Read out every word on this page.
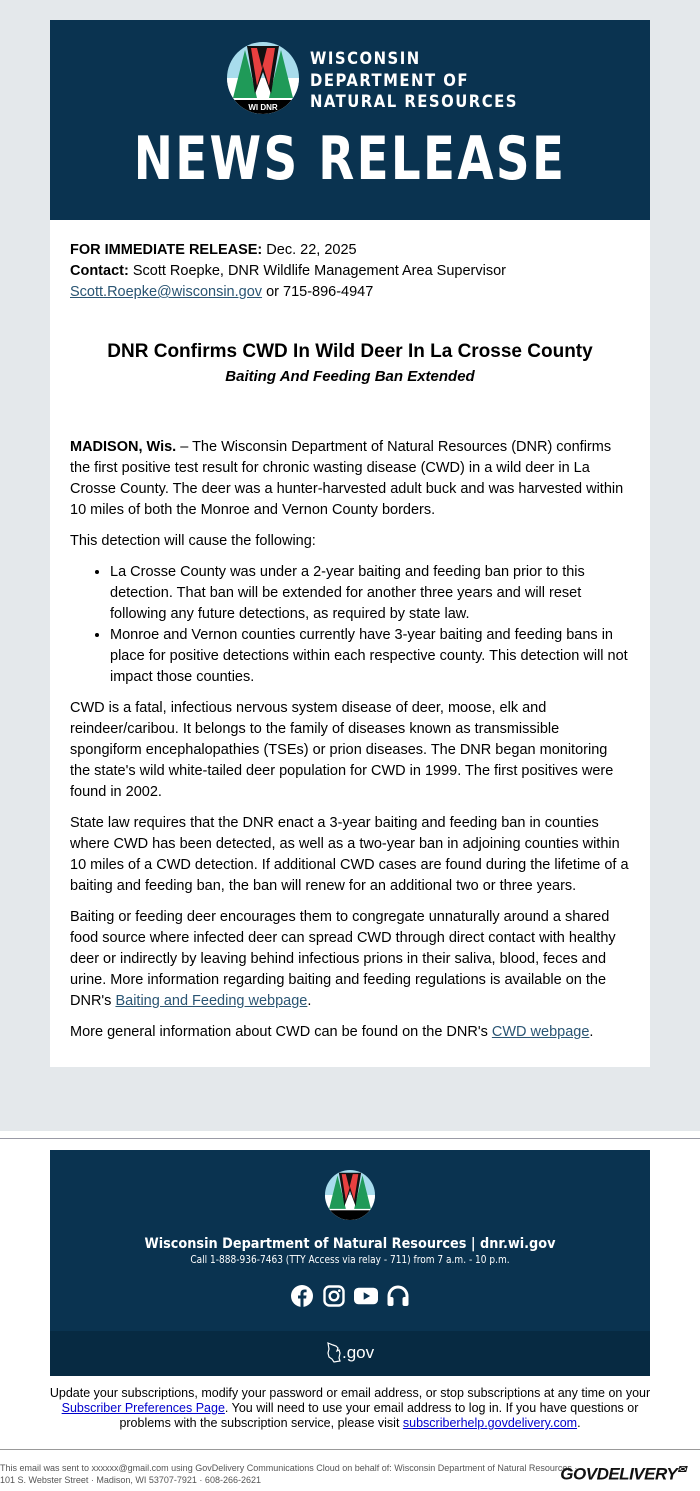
WI DNR
WISCONSIN
DEPARTMENT OF
NATURAL RESOURCES
NEWS RELEASE
FOR IMMEDIATE RELEASE: Dec. 22, 2025
Contact: Scott Roepke, DNR Wildlife Management Area Supervisor
Scott.Roepke@wisconsin.gov or 715-896-4947
DNR Confirms CWD In Wild Deer In La Crosse County
Baiting And Feeding Ban Extended

MADISON, Wis. – The Wisconsin Department of Natural Resources (DNR) confirms the first positive test result for chronic wasting disease (CWD) in a wild deer in La Crosse County. The deer was a hunter-harvested adult buck and was harvested within 10 miles of both the Monroe and Vernon County borders.

This detection will cause the following:

• La Crosse County was under a 2-year baiting and feeding ban prior to this detection. That ban will be extended for another three years and will reset following any future detections, as required by state law.
• Monroe and Vernon counties currently have 3-year baiting and feeding bans in place for positive detections within each respective county. This detection will not impact those counties.

CWD is a fatal, infectious nervous system disease of deer, moose, elk and reindeer/caribou. It belongs to the family of diseases known as transmissible spongiform encephalopathies (TSEs) or prion diseases. The DNR began monitoring the state's wild white-tailed deer population for CWD in 1999. The first positives were found in 2002.

State law requires that the DNR enact a 3-year baiting and feeding ban in counties where CWD has been detected, as well as a two-year ban in adjoining counties within 10 miles of a CWD detection. If additional CWD cases are found during the lifetime of a baiting and feeding ban, the ban will renew for an additional two or three years.

Baiting or feeding deer encourages them to congregate unnaturally around a shared food source where infected deer can spread CWD through direct contact with healthy deer or indirectly by leaving behind infectious prions in their saliva, blood, feces and urine. More information regarding baiting and feeding regulations is available on the DNR's Baiting and Feeding webpage.

More general information about CWD can be found on the DNR's CWD webpage.

Wisconsin Department of Natural Resources | dnr.wi.gov
Call 1-888-936-7463 (TTY Access via relay - 711) from 7 a.m. - 10 p.m.
.gov
Update your subscriptions, modify your password or email address, or stop subscriptions at any time on your Subscriber Preferences Page. You will need to use your email address to log in. If you have questions or problems with the subscription service, please visit subscriberhelp.govdelivery.com.
This email was sent to xxxxxx@gmail.com using GovDelivery Communications Cloud on behalf of: Wisconsin Department of Natural Resources · 101 S. Webster Street · Madison, WI 53707-7921 · 608-266-2621	GOVDELIVERY✉
